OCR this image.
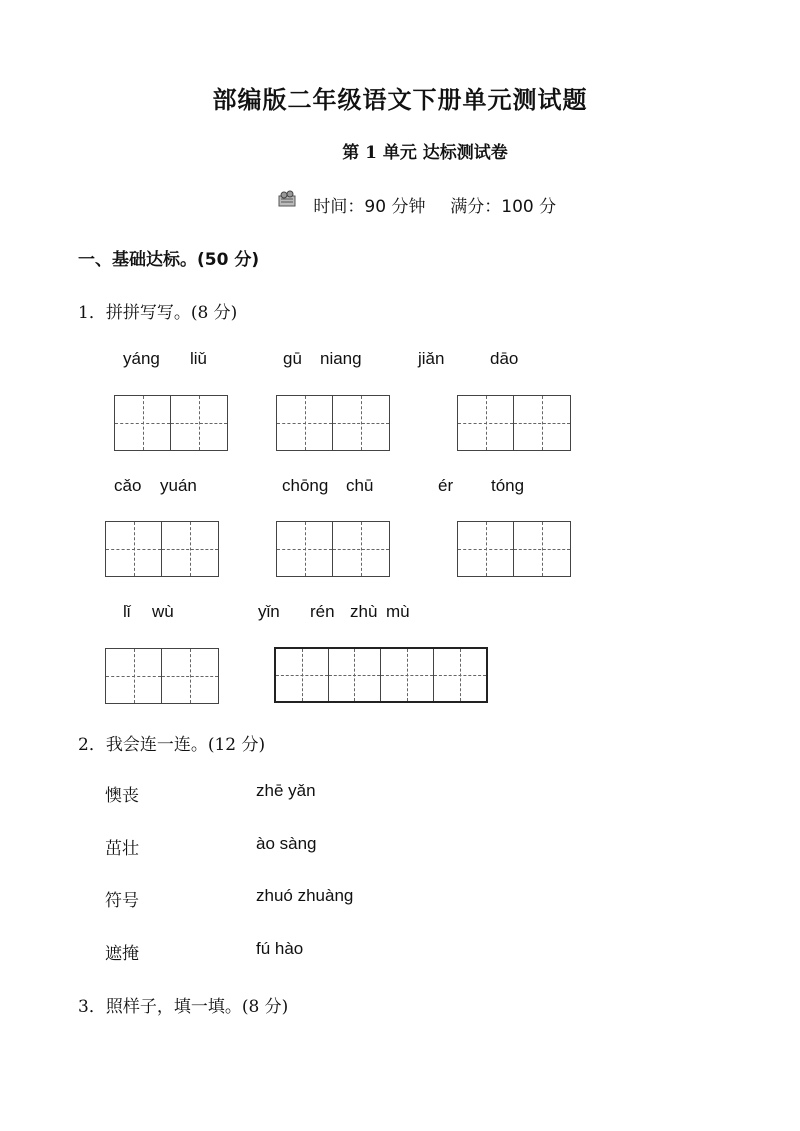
部编版二年级语文下册单元测试题
第 1 单元 达标测试卷
时间：90 分钟 满分：100 分
一、基础达标。(50 分)
1．拼拼写写。(8 分)
yáng liǔ	gū niang	jiǎn	dāo
cǎo yuán	chōng chū	ér tóng
lǐ wù	yǐn rén zhù mù
2．我会连一连。(12 分)
懊丧	zhē yǎn
茁壮	ào sàng
符号	zhuó zhuàng
遮掩	fú hào
3．照样子，填一填。(8 分)
